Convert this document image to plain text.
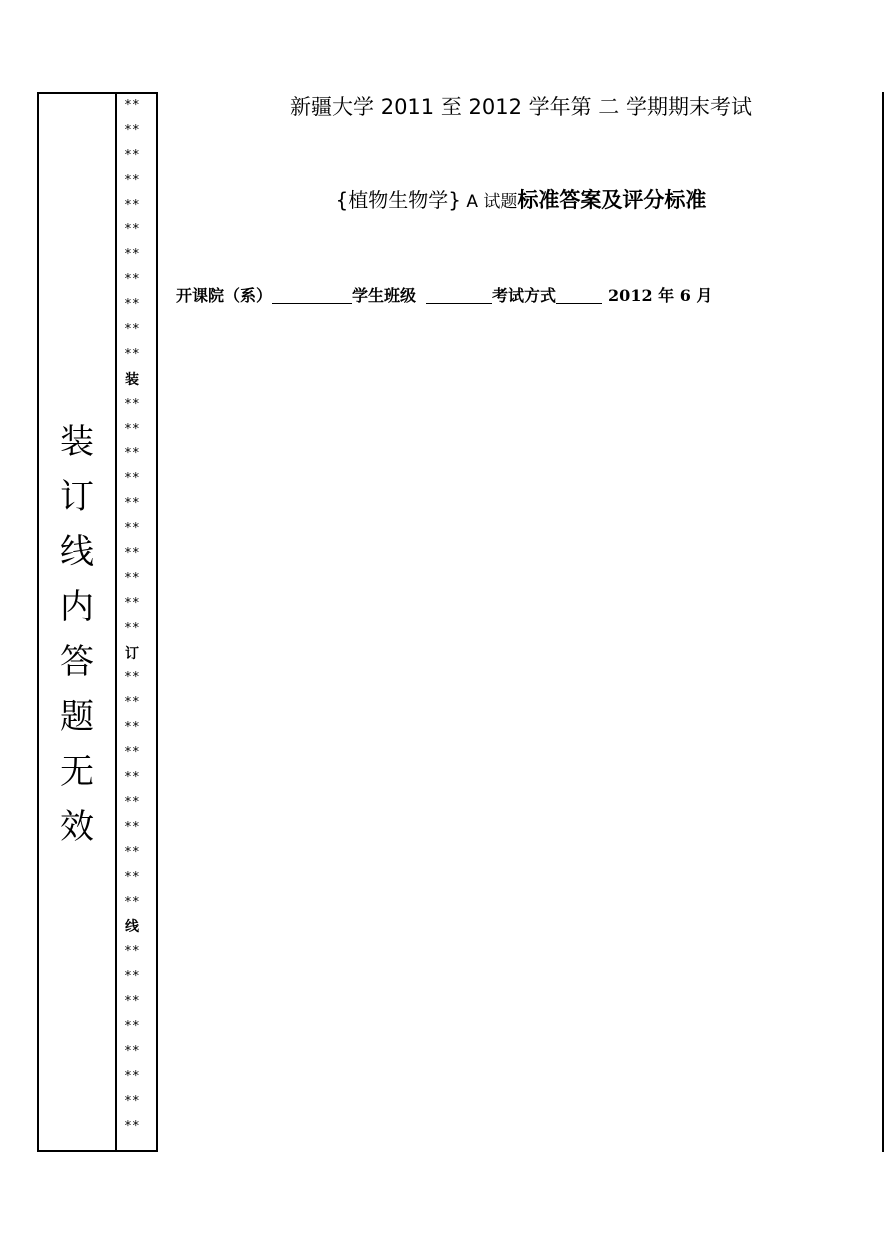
装
订
线
内
答
题
无
效
**
**
**
**
**
**
**
**
**
**
**
装
**
**
**
**
**
**
**
**
**
**
订
**
**
**
**
**
**
**
**
**
**
线
**
**
**
**
**
**
**
**
新疆大学 2011 至 2012 学年第 二 学期期末考试
{植物生物学} A 试题标准答案及评分标准
开课院（系）	学生班级	考试方式	2012 年 6 月
